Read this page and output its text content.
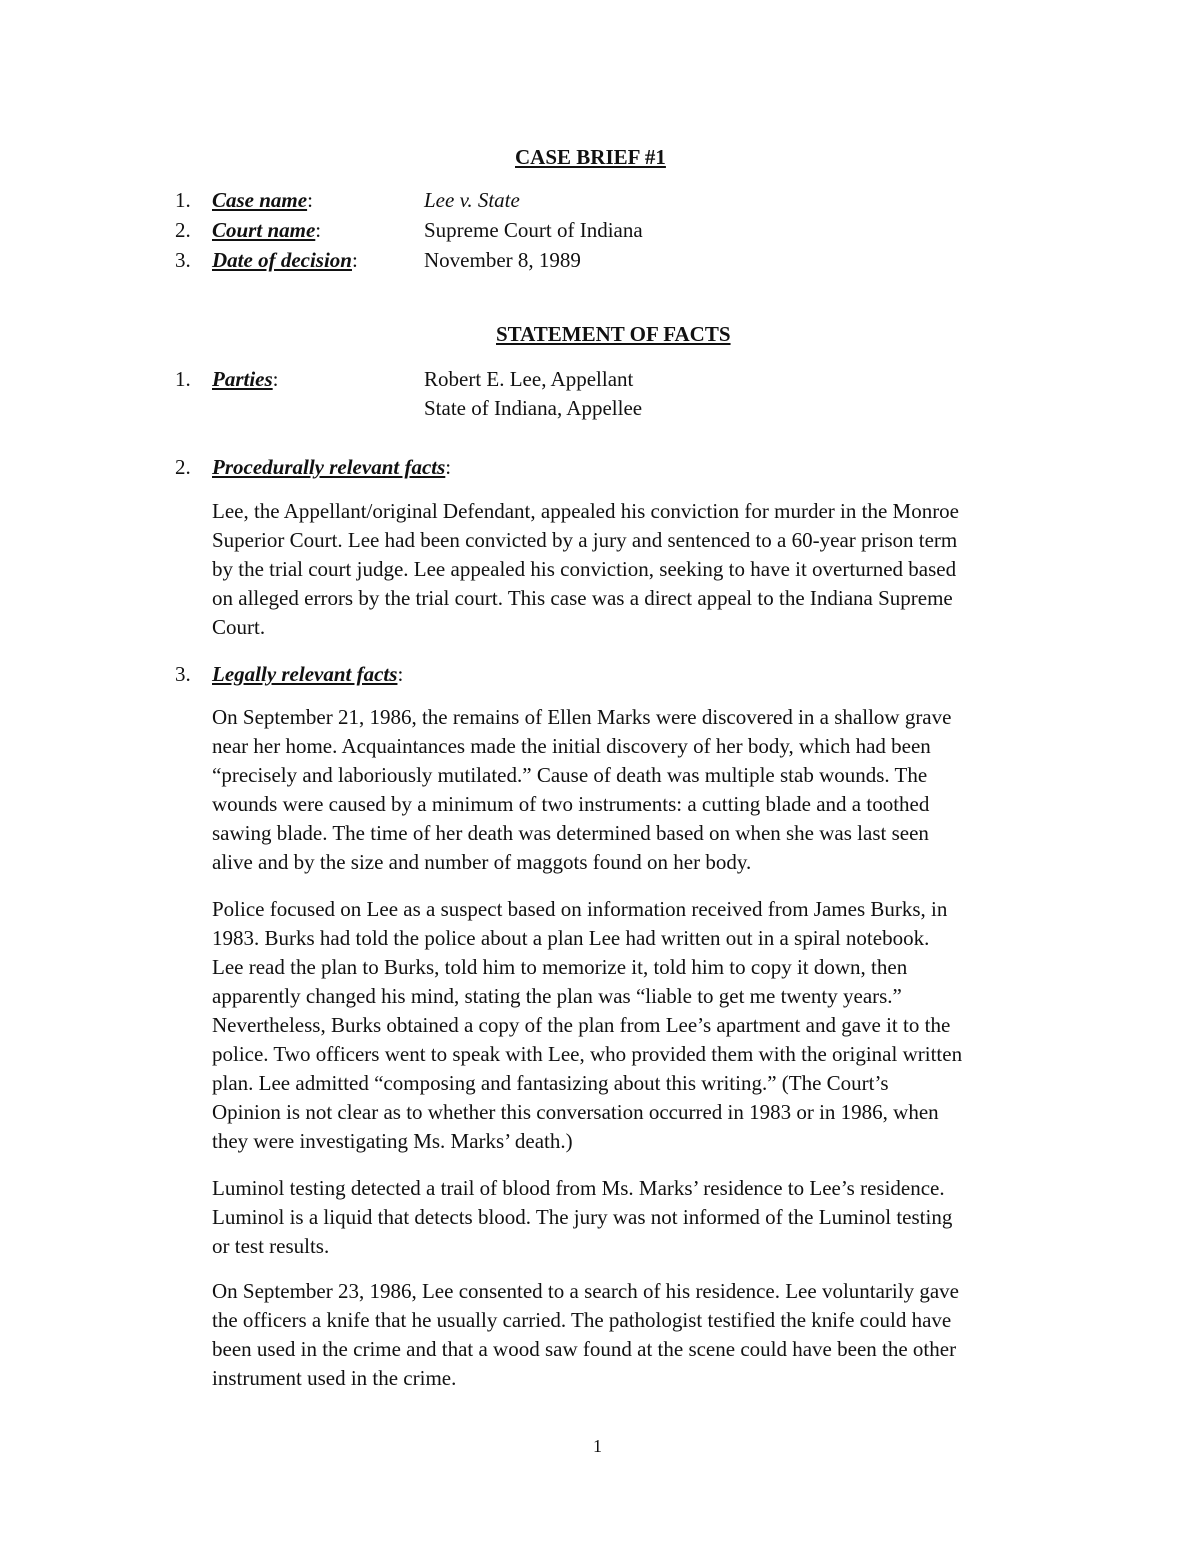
CASE BRIEF #1
1. Case name:	Lee v. State
2. Court name:	Supreme Court of Indiana
3. Date of decision:	November 8, 1989
STATEMENT OF FACTS
1. Parties:	Robert E. Lee, Appellant
State of Indiana, Appellee
2. Procedurally relevant facts:

Lee, the Appellant/original Defendant, appealed his conviction for murder in the Monroe
Superior Court. Lee had been convicted by a jury and sentenced to a 60-year prison term
by the trial court judge. Lee appealed his conviction, seeking to have it overturned based
on alleged errors by the trial court. This case was a direct appeal to the Indiana Supreme
Court.

3. Legally relevant facts:

On September 21, 1986, the remains of Ellen Marks were discovered in a shallow grave
near her home. Acquaintances made the initial discovery of her body, which had been
“precisely and laboriously mutilated.” Cause of death was multiple stab wounds. The
wounds were caused by a minimum of two instruments: a cutting blade and a toothed
sawing blade. The time of her death was determined based on when she was last seen
alive and by the size and number of maggots found on her body.

Police focused on Lee as a suspect based on information received from James Burks, in
1983. Burks had told the police about a plan Lee had written out in a spiral notebook.
Lee read the plan to Burks, told him to memorize it, told him to copy it down, then
apparently changed his mind, stating the plan was “liable to get me twenty years.”
Nevertheless, Burks obtained a copy of the plan from Lee’s apartment and gave it to the
police. Two officers went to speak with Lee, who provided them with the original written
plan. Lee admitted “composing and fantasizing about this writing.” (The Court’s
Opinion is not clear as to whether this conversation occurred in 1983 or in 1986, when
they were investigating Ms. Marks’ death.)

Luminol testing detected a trail of blood from Ms. Marks’ residence to Lee’s residence.
Luminol is a liquid that detects blood. The jury was not informed of the Luminol testing
or test results.

On September 23, 1986, Lee consented to a search of his residence. Lee voluntarily gave
the officers a knife that he usually carried. The pathologist testified the knife could have
been used in the crime and that a wood saw found at the scene could have been the other
instrument used in the crime.

1
